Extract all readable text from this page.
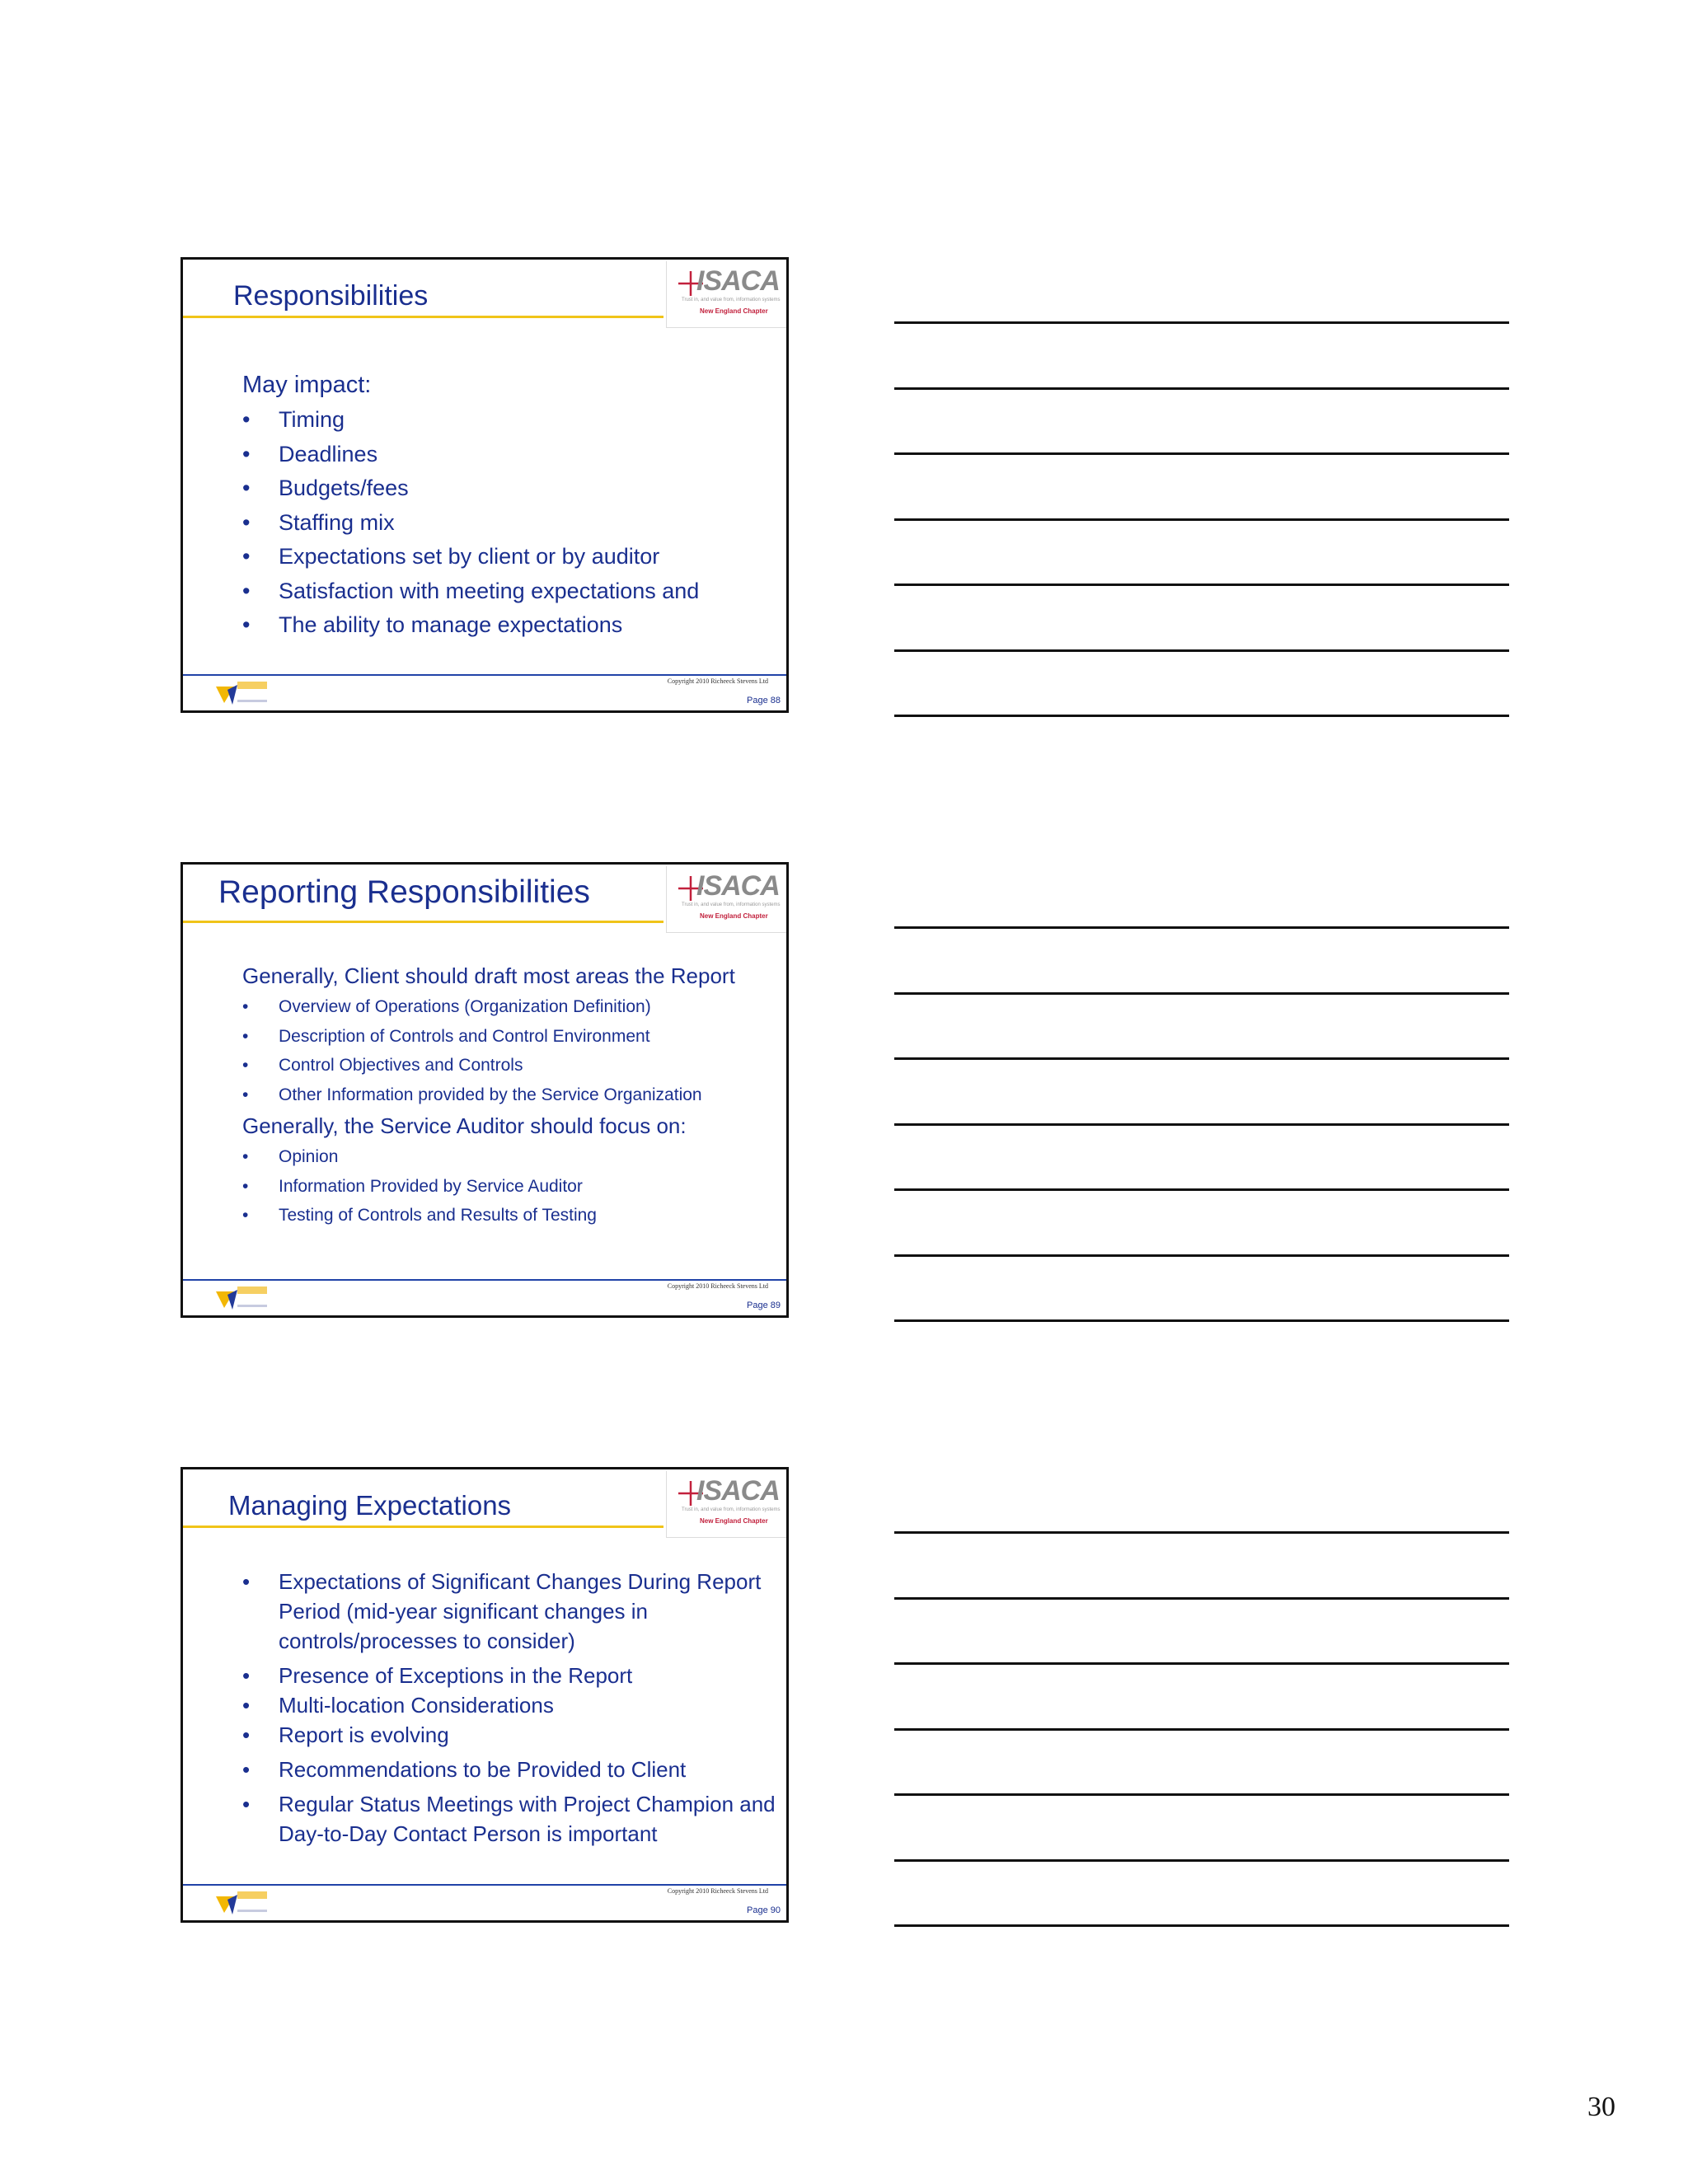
Responsibilities	ISACA
Trust in, and value from, information systems
New England Chapter

May impact:

• Timing
• Deadlines
• Budgets/fees
• Staffing mix
• Expectations set by client or by auditor
• Satisfaction with meeting expectations and
• The ability to manage expectations
Copyright 2010 Richeeck Stevens Ltd
Page 88
Reporting Responsibilities	ISACA
Trust in, and value from, information systems
New England Chapter

Generally, Client should draft most areas the Report

• Overview of Operations (Organization Definition)
• Description of Controls and Control Environment
• Control Objectives and Controls
• Other Information provided by the Service Organization

Generally, the Service Auditor should focus on:

• Opinion
• Information Provided by Service Auditor
• Testing of Controls and Results of Testing
Copyright 2010 Richeeck Stevens Ltd
Page 89
Managing Expectations	ISACA
Trust in, and value from, information systems
New England Chapter
• Expectations of Significant Changes During Report Period (mid-year significant changes in controls/processes to consider)
• Presence of Exceptions in the Report
• Multi-location Considerations
• Report is evolving
• Recommendations to be Provided to Client
• Regular Status Meetings with Project Champion and Day-to-Day Contact Person is important
Copyright 2010 Richeeck Stevens Ltd
Page 90
30
